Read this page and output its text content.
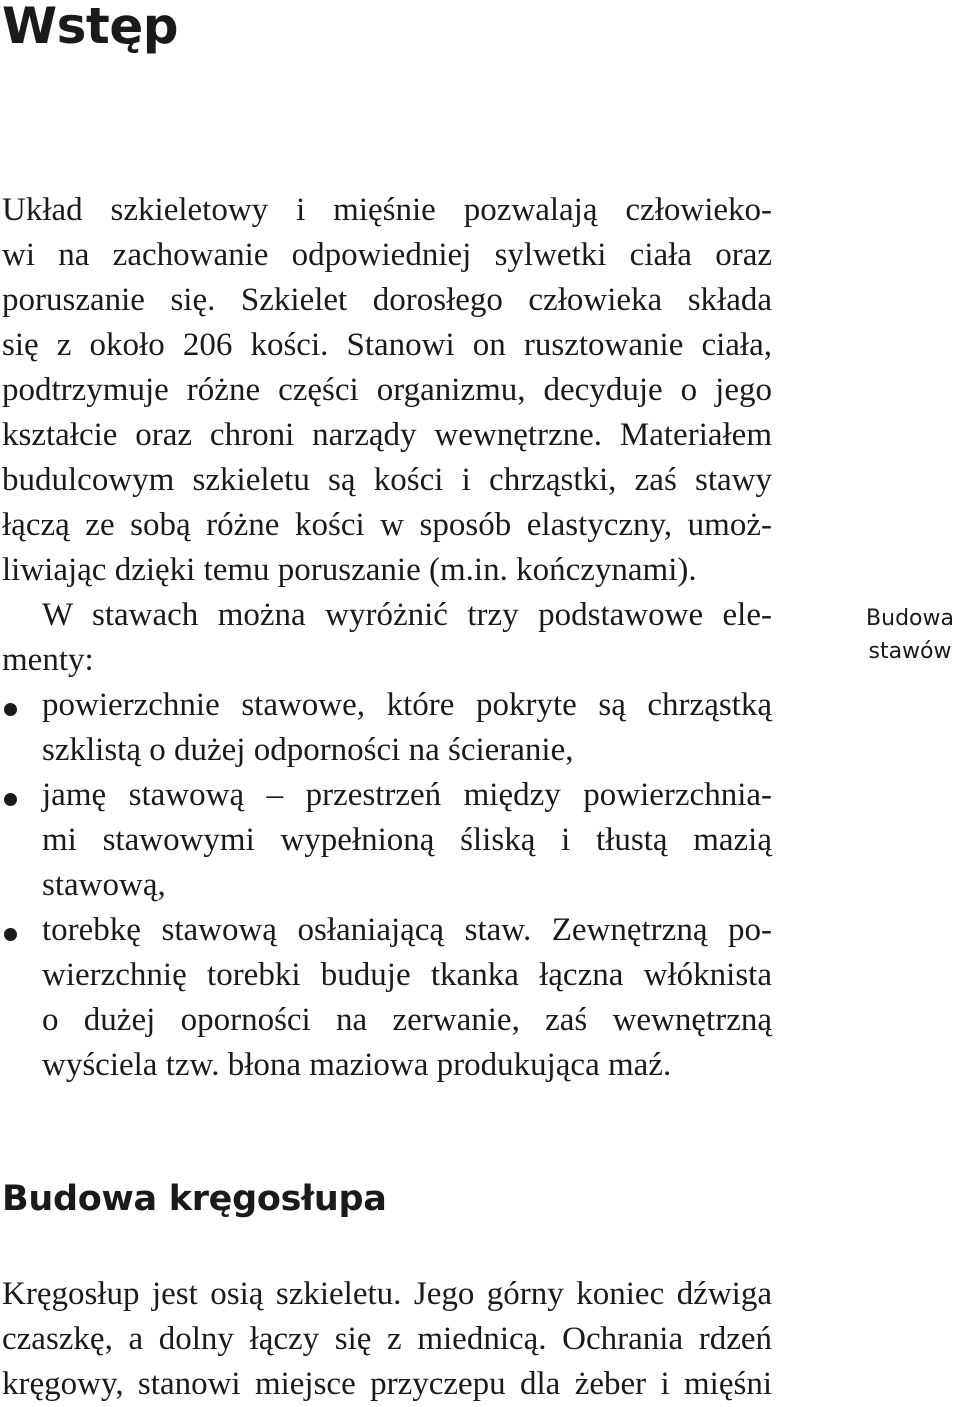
Wstęp

Układ szkieletowy i mięśnie pozwalają człowieko-
wi na zachowanie odpowiedniej sylwetki ciała oraz
poruszanie się. Szkielet dorosłego człowieka składa
się z około 206 kości. Stanowi on rusztowanie ciała,
podtrzymuje różne części organizmu, decyduje o jego
kształcie oraz chroni narządy wewnętrzne. Materiałem
budulcowym szkieletu są kości i chrząstki, zaś stawy
łączą ze sobą różne kości w sposób elastyczny, umoż-
liwiając dzięki temu poruszanie (m.in. kończynami).

W stawach można wyróżnić trzy podstawowe ele-
menty:

powierzchnie stawowe, które pokryte są chrząstką
szklistą o dużej odporności na ścieranie,
jamę stawową – przestrzeń między powierzchnia-
mi stawowymi wypełnioną śliską i tłustą mazią
stawową,
torebkę stawową osłaniającą staw. Zewnętrzną po-
wierzchnię torebki buduje tkanka łączna włóknista
o dużej oporności na zerwanie, zaś wewnętrzną
wyściela tzw. błona maziowa produkująca maź.
Budowa
stawów
Budowa kręgosłupa

Kręgosłup jest osią szkieletu. Jego górny koniec dźwiga
czaszkę, a dolny łączy się z miednicą. Ochrania rdzeń
kręgowy, stanowi miejsce przyczepu dla żeber i mięśni
